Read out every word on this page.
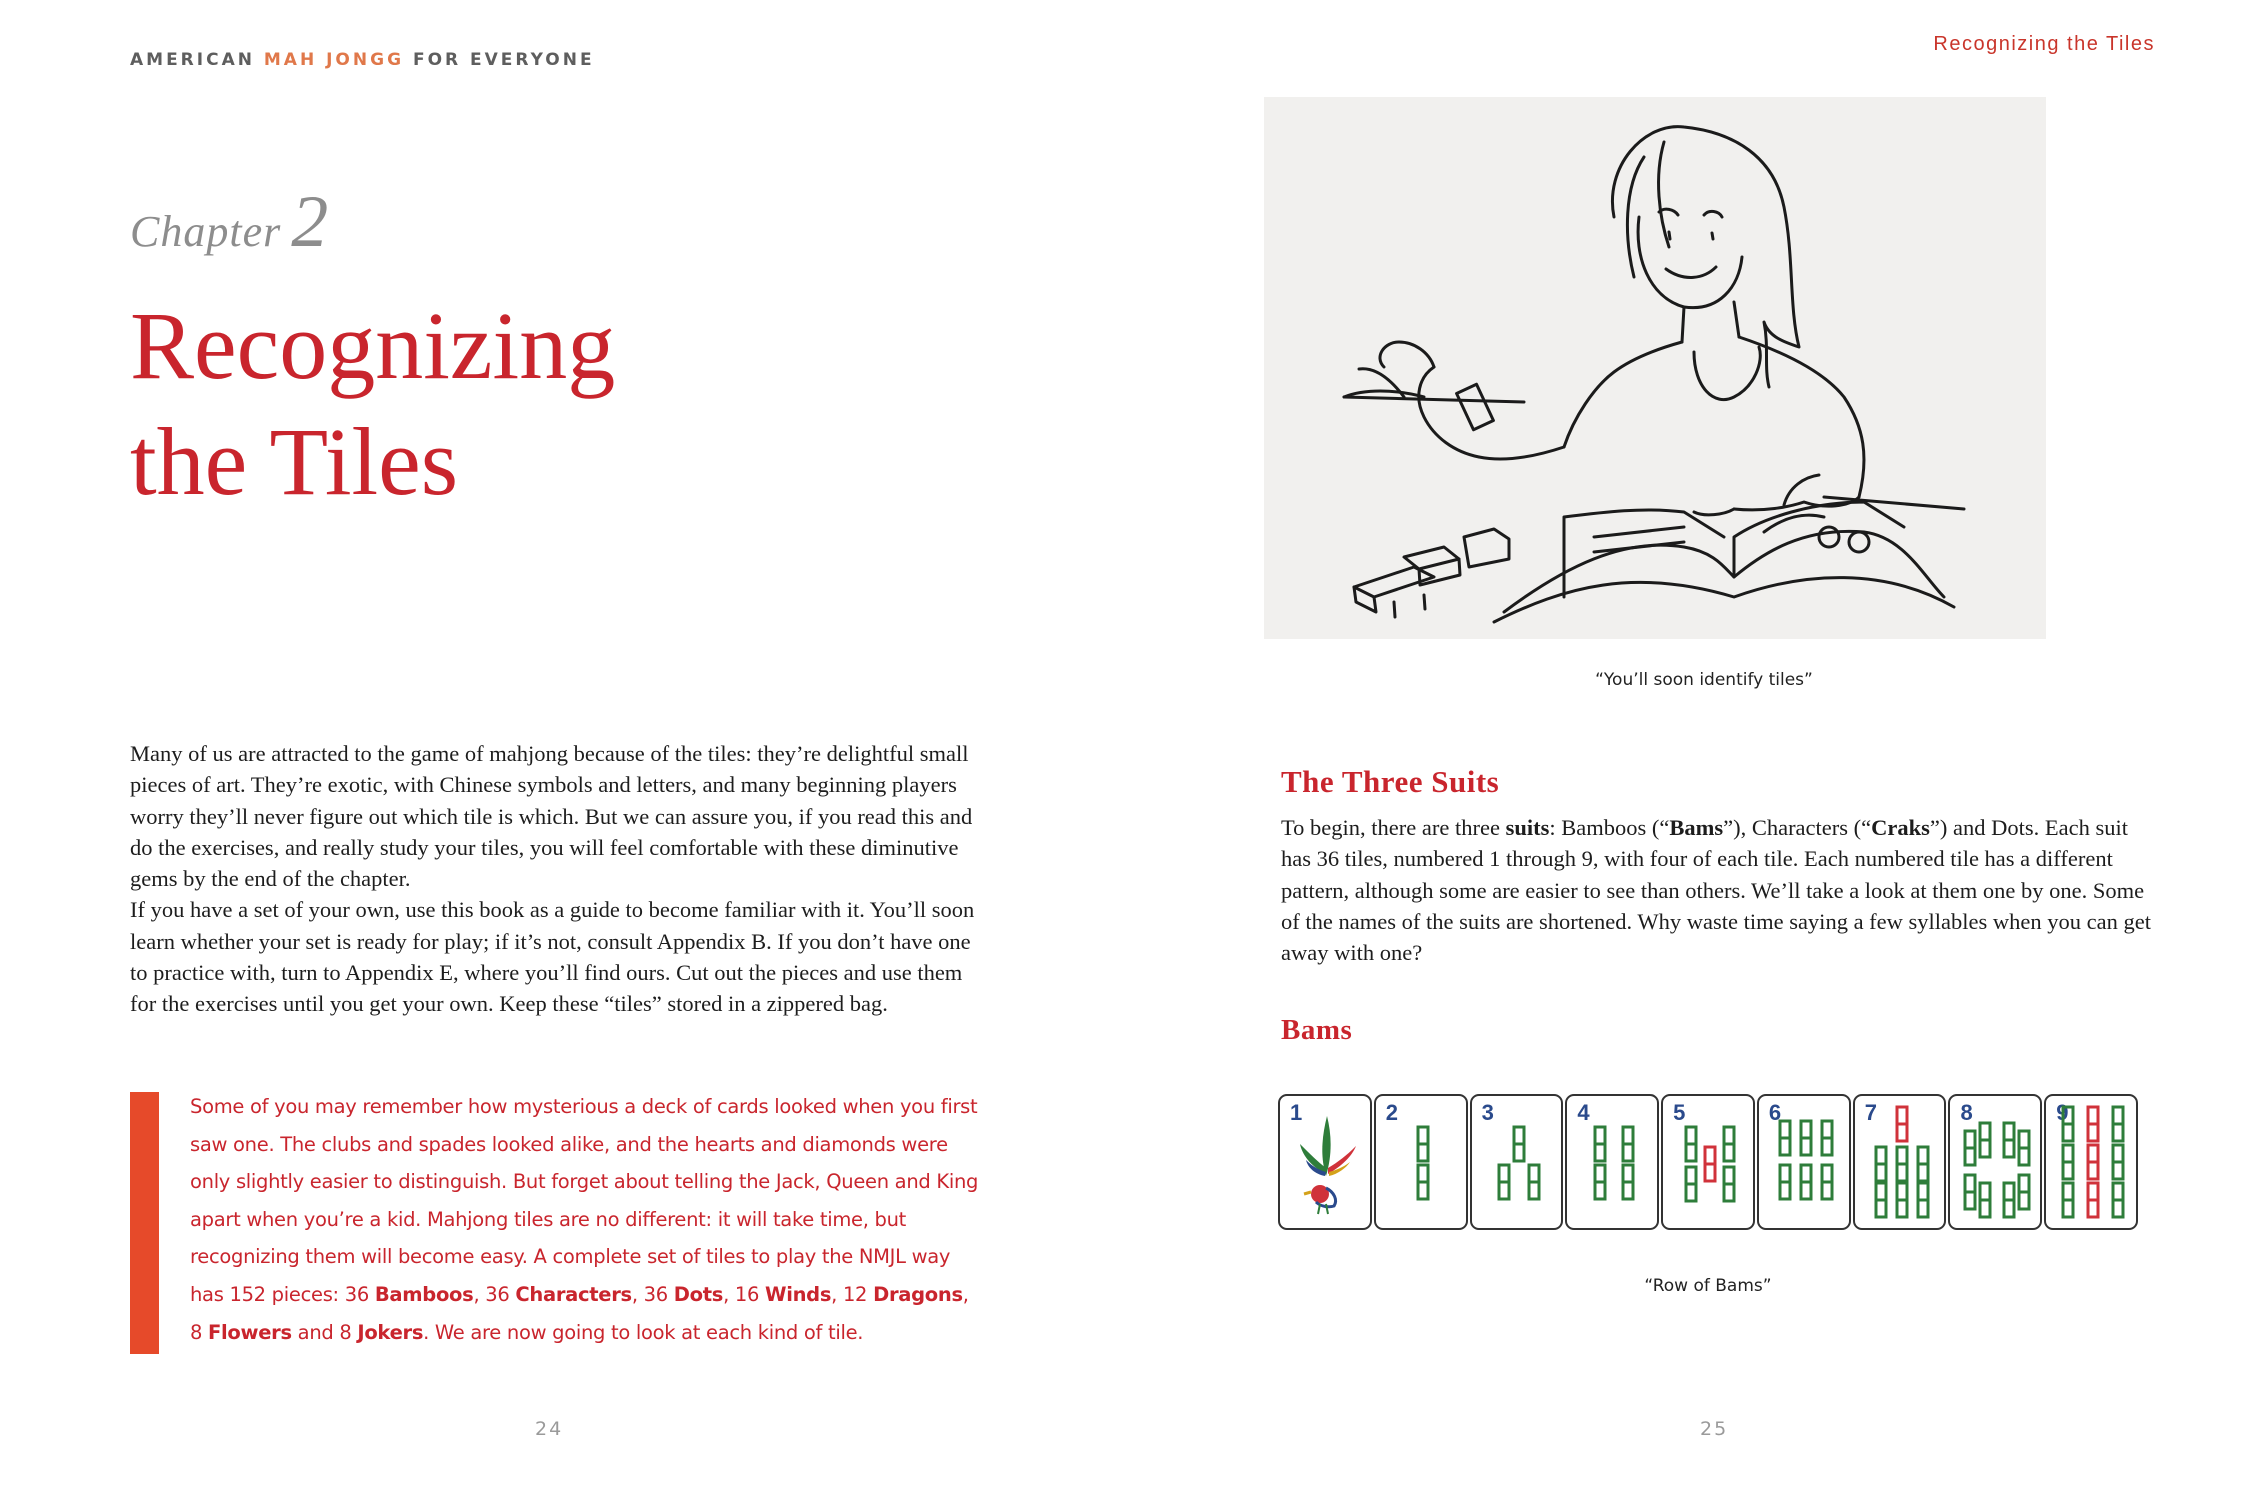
AMERICAN MAH JONGG FOR EVERYONE
Recognizing the Tiles
Chapter 2
Recognizing
the Tiles

Many of us are attracted to the game of mahjong because of the tiles: they’re delightful small pieces of art. They’re exotic, with Chinese symbols and letters, and many beginning players worry they’ll never figure out which tile is which. But we can assure you, if you read this and do the exercises, and really study your tiles, you will feel comfortable with these diminutive gems by the end of the chapter.

If you have a set of your own, use this book as a guide to become familiar with it. You’ll soon learn whether your set is ready for play; if it’s not, consult Appendix B. If you don’t have one to practice with, turn to Appendix E, where you’ll find ours. Cut out the pieces and use them for the exercises until you get your own. Keep these “tiles” stored in a zippered bag.

Some of you may remember how mysterious a deck of cards looked when you first saw one. The clubs and spades looked alike, and the hearts and diamonds were only slightly easier to distinguish. But forget about telling the Jack, Queen and King apart when you’re a kid. Mahjong tiles are no different: it will take time, but recognizing them will become easy. A complete set of tiles to play the NMJL way has 152 pieces: 36 Bamboos, 36 Characters, 36 Dots, 16 Winds, 12 Dragons, 8 Flowers and 8 Jokers. We are now going to look at each kind of tile.
24
“You’ll soon identify tiles”
The Three Suits
To begin, there are three suits: Bamboos (“Bams”), Characters (“Craks”) and Dots. Each suit has 36 tiles, numbered 1 through 9, with four of each tile. Each numbered tile has a different pattern, although some are easier to see than others. We’ll take a look at them one by one. Some of the names of the suits are shortened. Why waste time saying a few syllables when you can get away with one?
Bams
1	2	3	4	5	6	7	8	9
“Row of Bams”
25
